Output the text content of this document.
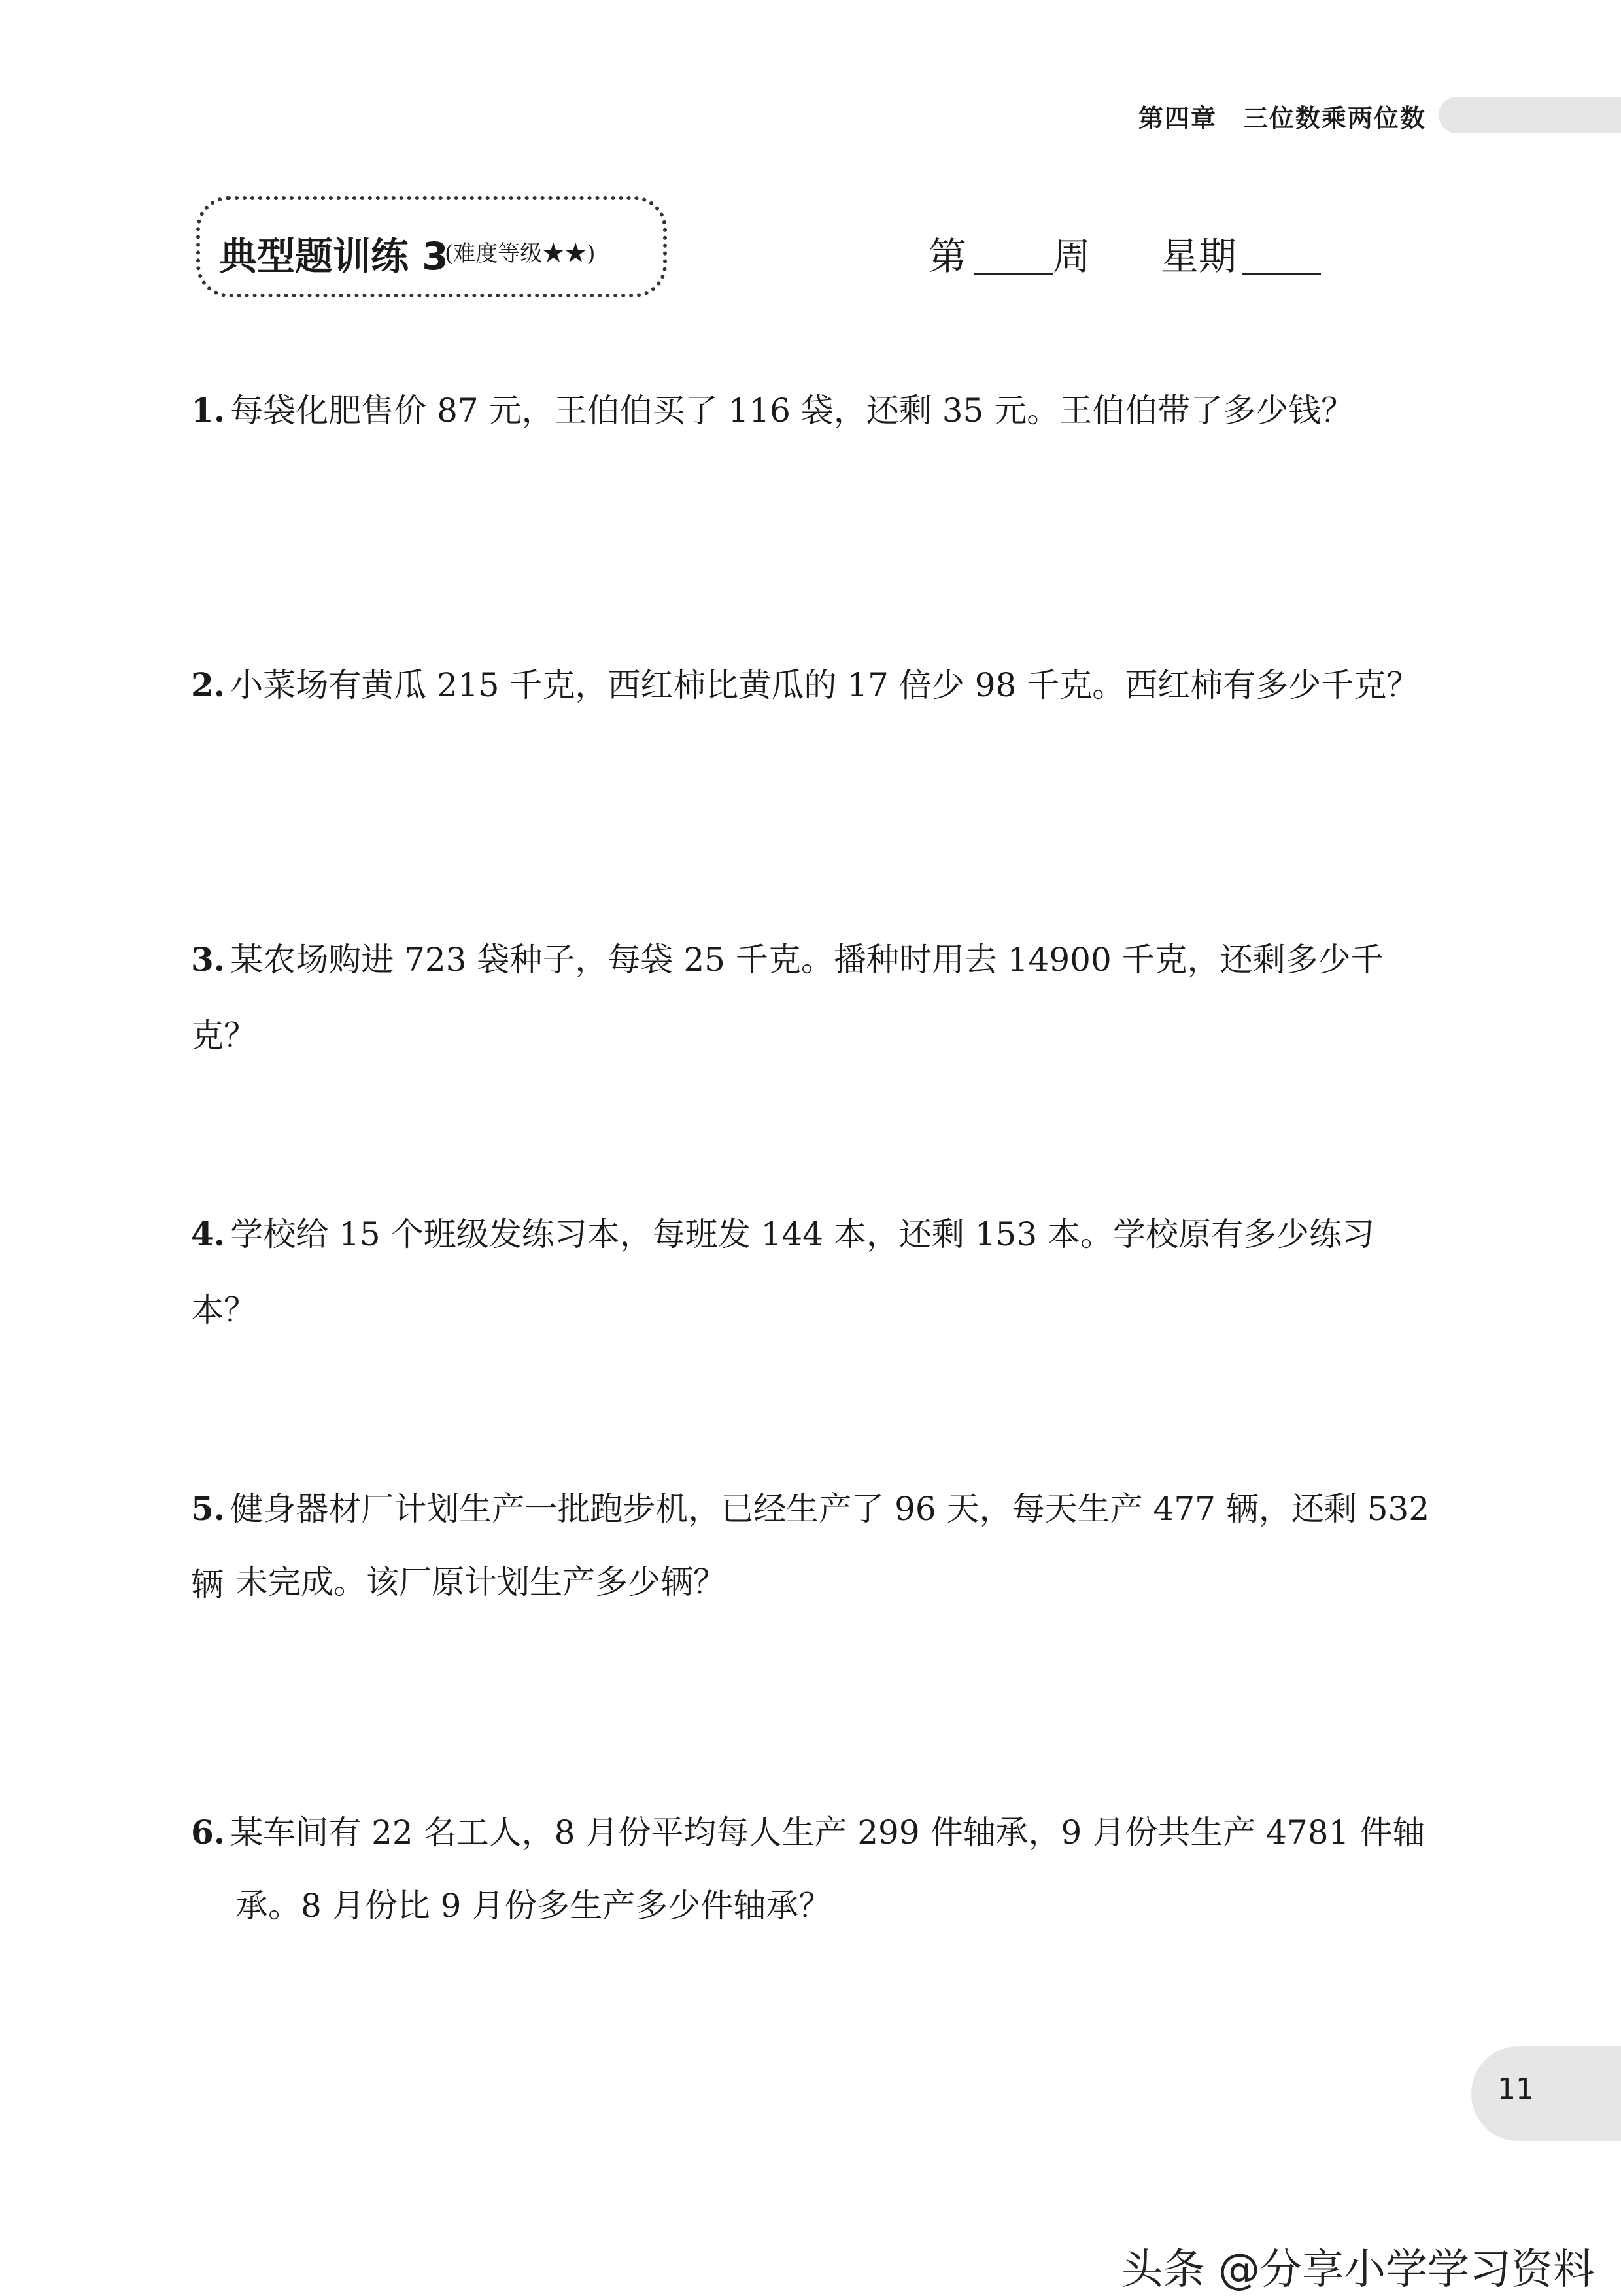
第四章　三位数乘两位数
典型题训练 3
(难度等级★★)	第 周 星期
1. 每袋化肥售价 87 元，王伯伯买了 116 袋，还剩 35 元。王伯伯带了多少钱？
2. 小菜场有黄瓜 215 千克，西红柿比黄瓜的 17 倍少 98 千克。西红柿有多少千克？
3. 某农场购进 723 袋种子，每袋 25 千克。播种时用去 14900 千克，还剩多少千克？
4. 学校给 15 个班级发练习本，每班发 144 本，还剩 153 本。学校原有多少练习本？
5. 健身器材厂计划生产一批跑步机，已经生产了 96 天，每天生产 477 辆，还剩 532 辆 未完成。该厂原计划生产多少辆？
6. 某车间有 22 名工人，8 月份平均每人生产 299 件轴承，9 月份共生产 4781 件轴
承。8 月份比 9 月份多生产多少件轴承？
11
头条 @分享小学学习资料
